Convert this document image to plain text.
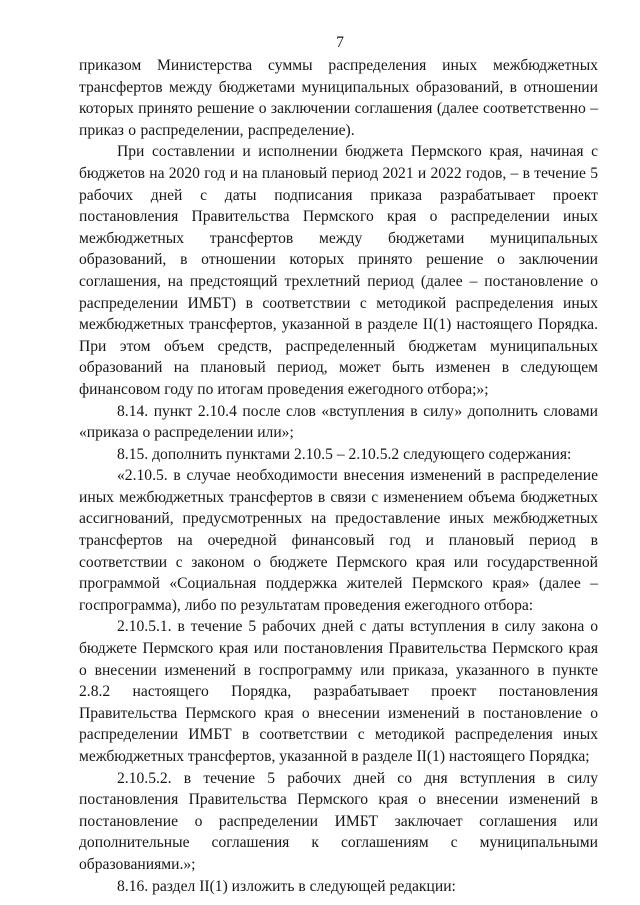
7

приказом Министерства суммы распределения иных межбюджетных трансфертов между бюджетами муниципальных образований, в отношении которых принято решение о заключении соглашения (далее соответственно – приказ о распределении, распределение).

При составлении и исполнении бюджета Пермского края, начиная с бюджетов на 2020 год и на плановый период 2021 и 2022 годов, – в течение 5 рабочих дней с даты подписания приказа разрабатывает проект постановления Правительства Пермского края о распределении иных межбюджетных трансфертов между бюджетами муниципальных образований, в отношении которых принято решение о заключении соглашения, на предстоящий трехлетний период (далее – постановление о распределении ИМБТ) в соответствии с методикой распределения иных межбюджетных трансфертов, указанной в разделе II(1) настоящего Порядка. При этом объем средств, распределенный бюджетам муниципальных образований на плановый период, может быть изменен в следующем финансовом году по итогам проведения ежегодного отбора;»;

8.14. пункт 2.10.4 после слов «вступления в силу» дополнить словами «приказа о распределении или»;

8.15. дополнить пунктами 2.10.5 – 2.10.5.2 следующего содержания:

«2.10.5. в случае необходимости внесения изменений в распределение иных межбюджетных трансфертов в связи с изменением объема бюджетных ассигнований, предусмотренных на предоставление иных межбюджетных трансфертов на очередной финансовый год и плановый период в соответствии с законом о бюджете Пермского края или государственной программой «Социальная поддержка жителей Пермского края» (далее – госпрограмма), либо по результатам проведения ежегодного отбора:

2.10.5.1. в течение 5 рабочих дней с даты вступления в силу закона о бюджете Пермского края или постановления Правительства Пермского края о внесении изменений в госпрограмму или приказа, указанного в пункте 2.8.2 настоящего Порядка, разрабатывает проект постановления Правительства Пермского края о внесении изменений в постановление о распределении ИМБТ в соответствии с методикой распределения иных межбюджетных трансфертов, указанной в разделе II(1) настоящего Порядка;

2.10.5.2. в течение 5 рабочих дней со дня вступления в силу постановления Правительства Пермского края о внесении изменений в постановление о распределении ИМБТ заключает соглашения или дополнительные соглашения к соглашениям с муниципальными образованиями.»;

8.16. раздел II(1) изложить в следующей редакции:
